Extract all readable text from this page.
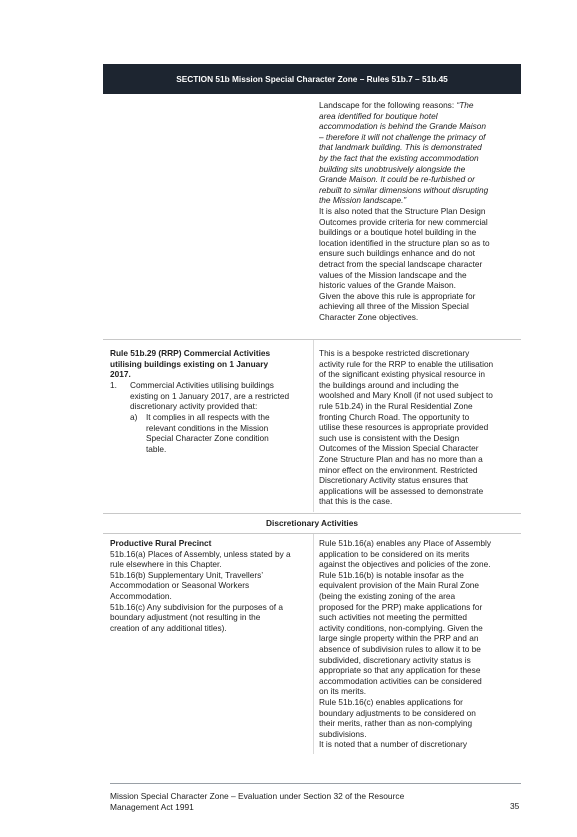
SECTION 51b Mission Special Character Zone – Rules 51b.7 – 51b.45
Landscape for the following reasons: “The
area identified for boutique hotel
accommodation is behind the Grande Maison
– therefore it will not challenge the primacy of
that landmark building. This is demonstrated
by the fact that the existing accommodation
building sits unobtrusively alongside the
Grande Maison. It could be re-furbished or
rebuilt to similar dimensions without disrupting
the Mission landscape.”
It is also noted that the Structure Plan Design
Outcomes provide criteria for new commercial
buildings or a boutique hotel building in the
location identified in the structure plan so as to
ensure such buildings enhance and do not
detract from the special landscape character
values of the Mission landscape and the
historic values of the Grande Maison.
Given the above this rule is appropriate for
achieving all three of the Mission Special
Character Zone objectives.
Rule 51b.29 (RRP) Commercial Activities
utilising buildings existing on 1 January
2017.
1. Commercial Activities utilising buildings
existing on 1 January 2017, are a restricted
discretionary activity provided that:
a) It complies in all respects with the
relevant conditions in the Mission
Special Character Zone condition
table.
This is a bespoke restricted discretionary
activity rule for the RRP to enable the utilisation
of the significant existing physical resource in
the buildings around and including the
woolshed and Mary Knoll (if not used subject to
rule 51b.24) in the Rural Residential Zone
fronting Church Road. The opportunity to
utilise these resources is appropriate provided
such use is consistent with the Design
Outcomes of the Mission Special Character
Zone Structure Plan and has no more than a
minor effect on the environment. Restricted
Discretionary Activity status ensures that
applications will be assessed to demonstrate
that this is the case.
Discretionary Activities
Productive Rural Precinct
51b.16(a) Places of Assembly, unless stated by a
rule elsewhere in this Chapter.
51b.16(b) Supplementary Unit, Travellers’
Accommodation or Seasonal Workers
Accommodation.
51b.16(c) Any subdivision for the purposes of a
boundary adjustment (not resulting in the
creation of any additional titles).
Rule 51b.16(a) enables any Place of Assembly
application to be considered on its merits
against the objectives and policies of the zone.
Rule 51b.16(b) is notable insofar as the
equivalent provision of the Main Rural Zone
(being the existing zoning of the area
proposed for the PRP) make applications for
such activities not meeting the permitted
activity conditions, non-complying. Given the
large single property within the PRP and an
absence of subdivision rules to allow it to be
subdivided, discretionary activity status is
appropriate so that any application for these
accommodation activities can be considered
on its merits.
Rule 51b.16(c) enables applications for
boundary adjustments to be considered on
their merits, rather than as non-complying
subdivisions.
It is noted that a number of discretionary
Mission Special Character Zone – Evaluation under Section 32 of the Resource
Management Act 1991	35
